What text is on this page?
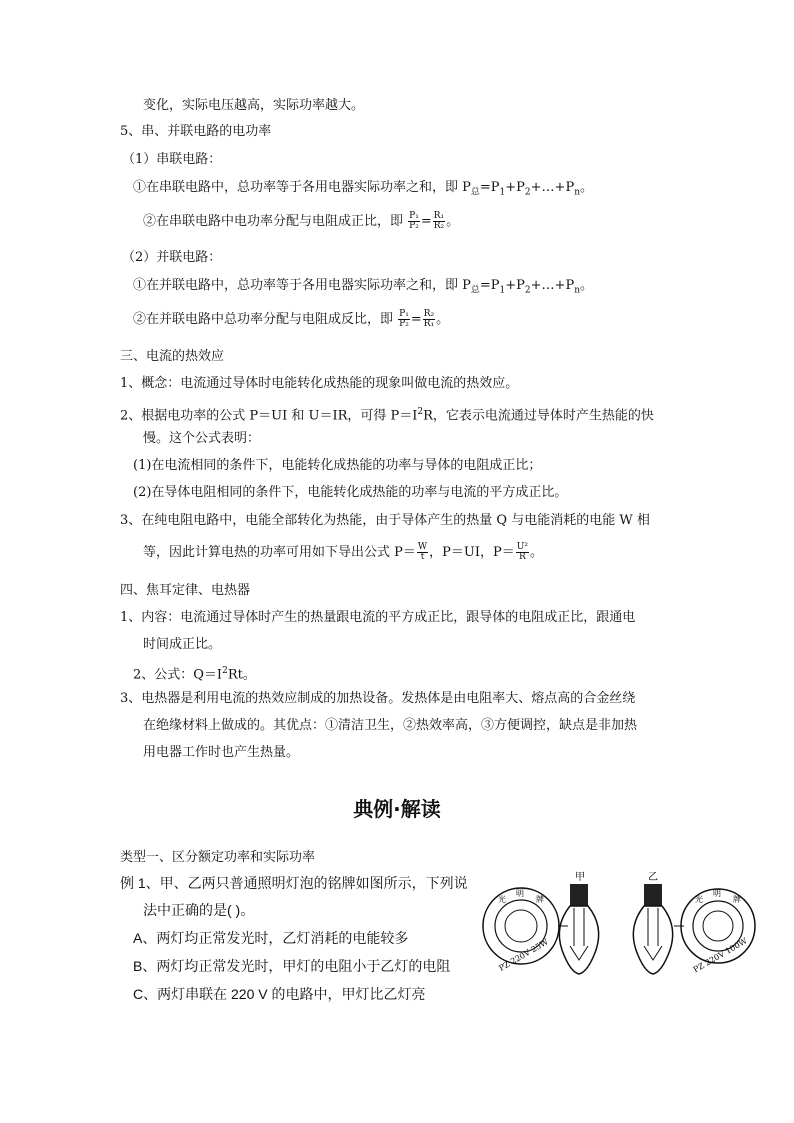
变化，实际电压越高，实际功率越大。
5、串、并联电路的电功率
（1）串联电路：
①在串联电路中，总功率等于各用电器实际功率之和，即 $P_总=P_1+P_2+\dots+P_n$。
②在串联电路中电功率分配与电阻成正比，即 $\frac{\text{P₁}}{\text{P₂}} = \frac{\text{R₁}}{\text{R₂}}$ 。
（2）并联电路：
①在并联电路中，总功率等于各用电器实际功率之和，即 $P_总=P_1+P_2+\dots+P_n$。
②在并联电路中总功率分配与电阻成反比，即 $\frac{\text{P₁}}{\text{P₂}} = \frac{\text{R₂}}{\text{R₁}}$ 。
三、电流的热效应
1、概念：电流通过导体时电能转化成热能的现象叫做电流的热效应。
2、根据电功率的公式 P＝UI 和 U＝IR，可得 $P=I^2R$，它表示电流通过导体时产生热能的快
慢。这个公式表明：
(1)在电流相同的条件下，电能转化成热能的功率与导体的电阻成正比；
(2)在导体电阻相同的条件下，电能转化成热能的功率与电流的平方成正比。
3、在纯电阻电路中，电能全部转化为热能，由于导体产生的热量 Q 与电能消耗的电能 W 相
等，因此计算电热的功率可用如下导出公式 $P= \frac{W}{t}$ ，P＝UI，$P= \frac{\text{U²}}{R}$ 。
四、焦耳定律、电热器
1、内容：电流通过导体时产生的热量跟电流的平方成正比，跟导体的电阻成正比，跟通电
时间成正比。
2、公式：$Q=I^2Rt$。
3、电热器是利用电流的热效应制成的加热设备。发热体是由电阻率大、熔点高的合金丝绕
在绝缘材料上做成的。其优点：①清洁卫生，②热效率高，③方便调控，缺点是非加热
用电器工作时也产生热量。
典例·解读
类型一、区分额定功率和实际功率
例 1、甲、乙两只普通照明灯泡的铭牌如图所示，下列说
法中正确的是( )。
A、两灯均正常发光时，乙灯消耗的电能较多
B、两灯均正常发光时，甲灯的电阻小于乙灯的电阻
C、两灯串联在 220 V 的电路中，甲灯比乙灯亮
光
明
牌
PZ 220V 25W
甲	乙
光
明
牌
PZ 220V 100W
